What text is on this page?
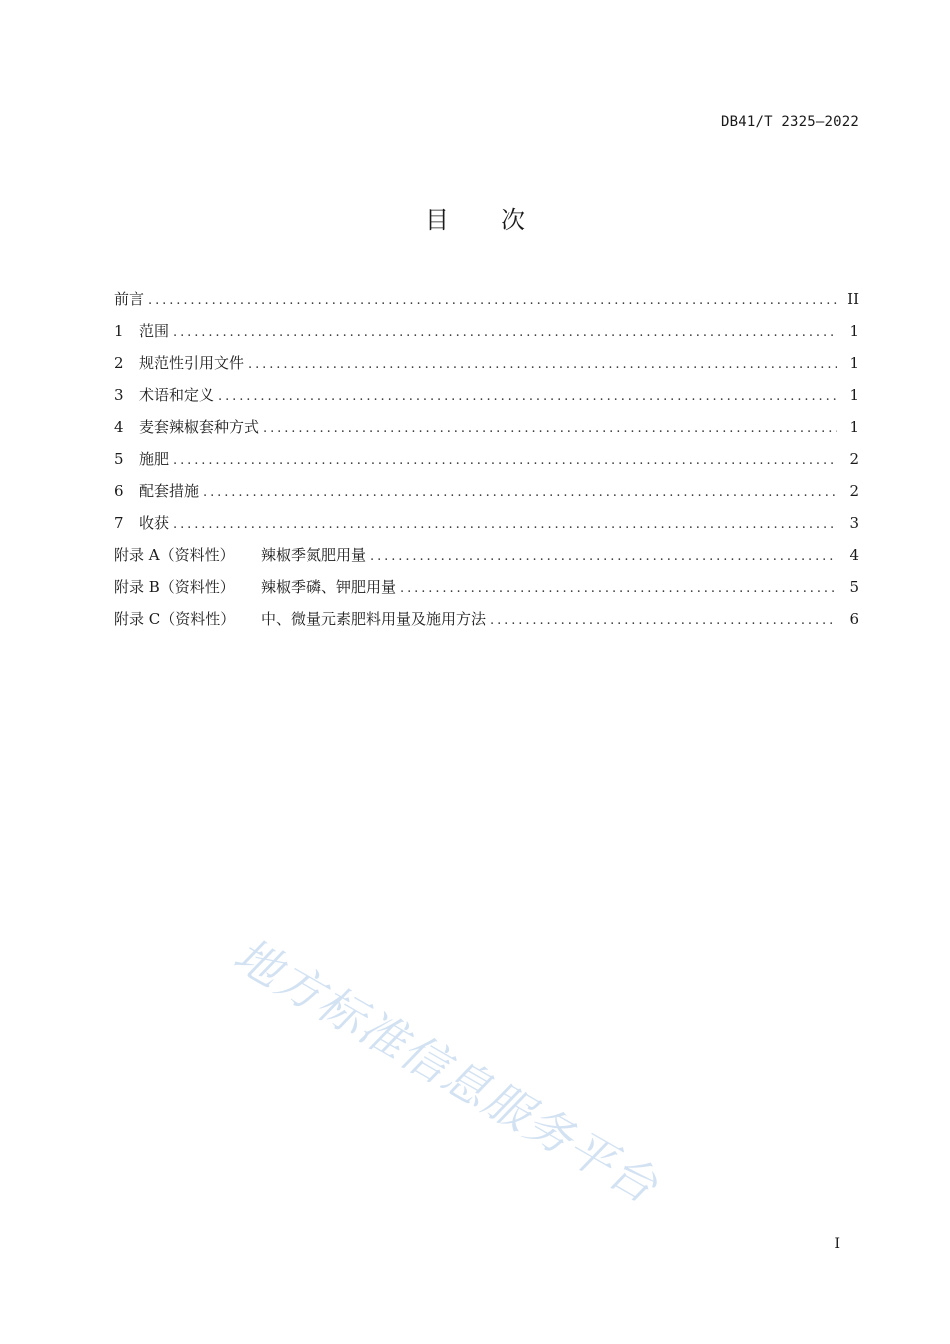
DB41/T 2325—2022
目 次
前言 . . .	II
1	范围 . . .	1
2	规范性引用文件 . . .	1
3	术语和定义 . . .	1
4	麦套辣椒套种方式 . . .	1
5	施肥 . . .	2
6	配套措施 . . .	2
7	收获 . . .	3
附录 A（资料性） 辣椒季氮肥用量 . . .	4
附录 B（资料性） 辣椒季磷、钾肥用量 . . .	5
附录 C（资料性） 中、微量元素肥料用量及施用方法 . . .	6
地方标准信息服务平台
I
